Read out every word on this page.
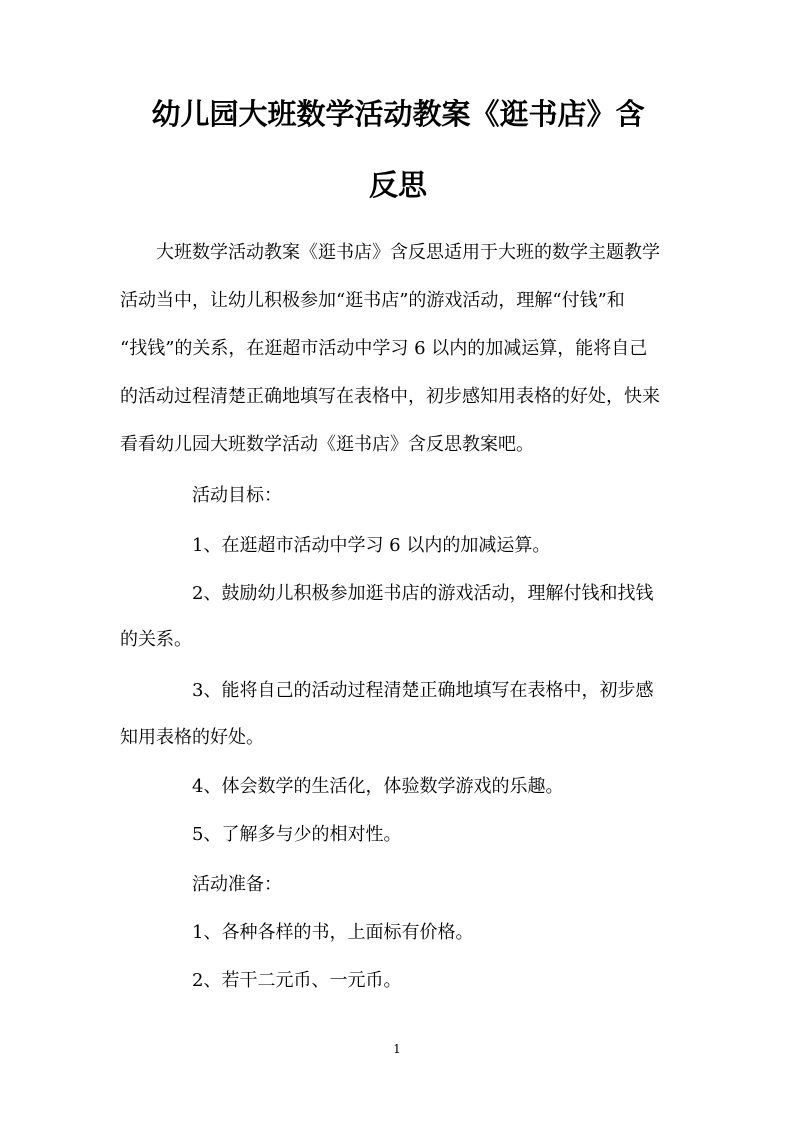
幼儿园大班数学活动教案《逛书店》含
反思

大班数学活动教案《逛书店》含反思适用于大班的数学主题教学

活动当中，让幼儿积极参加“逛书店”的游戏活动，理解“付钱”和

“找钱”的关系，在逛超市活动中学习 6 以内的加减运算，能将自己

的活动过程清楚正确地填写在表格中，初步感知用表格的好处，快来

看看幼儿园大班数学活动《逛书店》含反思教案吧。

活动目标：

1、在逛超市活动中学习 6 以内的加减运算。

2、鼓励幼儿积极参加逛书店的游戏活动，理解付钱和找钱

的关系。

3、能将自己的活动过程清楚正确地填写在表格中，初步感

知用表格的好处。

4、体会数学的生活化，体验数学游戏的乐趣。

5、了解多与少的相对性。

活动准备：

1、各种各样的书，上面标有价格。

2、若干二元币、一元币。

1
